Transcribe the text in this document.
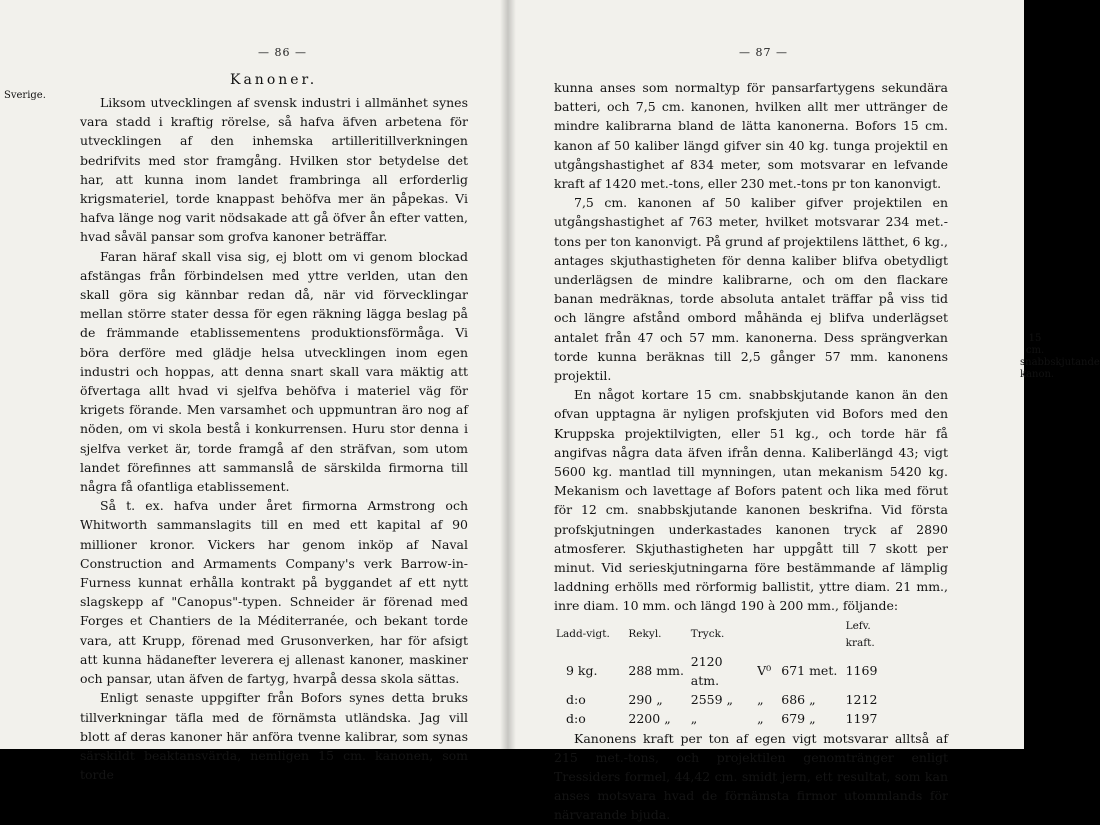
— 86 —
Sverige.
Kanoner.

Liksom utvecklingen af svensk industri i allmänhet synes vara stadd i kraftig rörelse, så hafva äfven arbetena för utvecklingen af den inhemska artilleritillverkningen bedrifvits med stor framgång. Hvilken stor betydelse det har, att kunna inom landet frambringa all erforderlig krigsmateriel, torde knappast behöfva mer än påpekas. Vi hafva länge nog varit nödsakade att gå öfver ån efter vatten, hvad såväl pansar som grofva kanoner beträffar.

Faran häraf skall visa sig, ej blott om vi genom blockad afstängas från förbindelsen med yttre verlden, utan den skall göra sig kännbar redan då, när vid förvecklingar mellan större stater dessa för egen räkning lägga beslag på de främmande etablissementens produktionsförmåga. Vi böra derföre med glädje helsa utvecklingen inom egen industri och hoppas, att denna snart skall vara mäktig att öfvertaga allt hvad vi sjelfva behöfva i materiel väg för krigets förande. Men varsamhet och uppmuntran äro nog af nöden, om vi skola bestå i konkurrensen. Huru stor denna i sjelfva verket är, torde framgå af den sträfvan, som utom landet förefinnes att sammanslå de särskilda firmorna till några få ofantliga etablissement.

Så t. ex. hafva under året firmorna Armstrong och Whitworth sammanslagits till en med ett kapital af 90 millioner kronor. Vickers har genom inköp af Naval Construction and Armaments Company's verk Barrow-in-Furness kunnat erhålla kontrakt på byggandet af ett nytt slagskepp af "Canopus"-typen. Schneider är förenad med Forges et Chantiers de la Méditerranée, och bekant torde vara, att Krupp, förenad med Grusonverken, har för afsigt att kunna hädanefter leverera ej allenast kanoner, maskiner och pansar, utan äfven de fartyg, hvarpå dessa skola sättas.

Enligt senaste uppgifter från Bofors synes detta bruks tillverkningar täfla med de förnämsta utländska. Jag vill blott af deras kanoner här anföra tvenne kalibrar, som synas särskildt beaktansvärda, nemligen 15 cm. kanonen, som torde

— 87 —

kunna anses som normaltyp för pansarfartygens sekundära batteri, och 7,5 cm. kanonen, hvilken allt mer uttränger de mindre kalibrarna bland de lätta kanonerna. Bofors 15 cm. kanon af 50 kaliber längd gifver sin 40 kg. tunga projektil en utgångshastighet af 834 meter, som motsvarar en lefvande kraft af 1420 met.-tons, eller 230 met.-tons pr ton kanonvigt.

7,5 cm. kanonen af 50 kaliber gifver projektilen en utgångshastighet af 763 meter, hvilket motsvarar 234 met.-tons per ton kanonvigt. På grund af projektilens lätthet, 6 kg., antages skjuthastigheten för denna kaliber blifva obetydligt underlägsen de mindre kalibrarne, och om den flackare banan medräknas, torde absoluta antalet träffar på viss tid och längre afstånd ombord måhända ej blifva underlägset antalet från 47 och 57 mm. kanonerna. Dess sprängverkan torde kunna beräknas till 2,5 gånger 57 mm. kanonens projektil.

En något kortare 15 cm. snabbskjutande kanon än den ofvan upptagna är nyligen profskjuten vid Bofors med den Kruppska projektilvigten, eller 51 kg., och torde här få angifvas några data äfven ifrån denna. Kaliberlängd 43; vigt 5600 kg. mantlad till mynningen, utan mekanism 5420 kg. Mekanism och lavettage af Bofors patent och lika med förut för 12 cm. snabbskjutande kanonen beskrifna. Vid första profskjutningen underkastades kanonen tryck af 2890 atmosferer. Skjuthastigheten har uppgått till 7 skott per minut. Vid serieskjutningarna före bestämmande af lämplig laddning erhölls med rörformig ballistit, yttre diam. 21 mm., inre diam. 10 mm. och längd 190 à 200 mm., följande:

Ladd-vigt.	Rekyl.	Tryck.			Lefv. kraft.	
9 kg.	288 mm.	2120 atm.	V⁰	671 met.	1169	
d:o	290 „	2559 „	„	686 „	1212	
d:o	2200 „	„	„	679 „	1197	

Kanonens kraft per ton af egen vigt motsvarar alltså af 215 met.-tons, och projektilen genomtränger enligt Tressiders formel, 44,42 cm. smidt jern, ett resultat, som kan anses motsvara hvad de förnämsta firmor utommlands för närvarande bjuda.

15 cm. snabbskjutande kanon.
